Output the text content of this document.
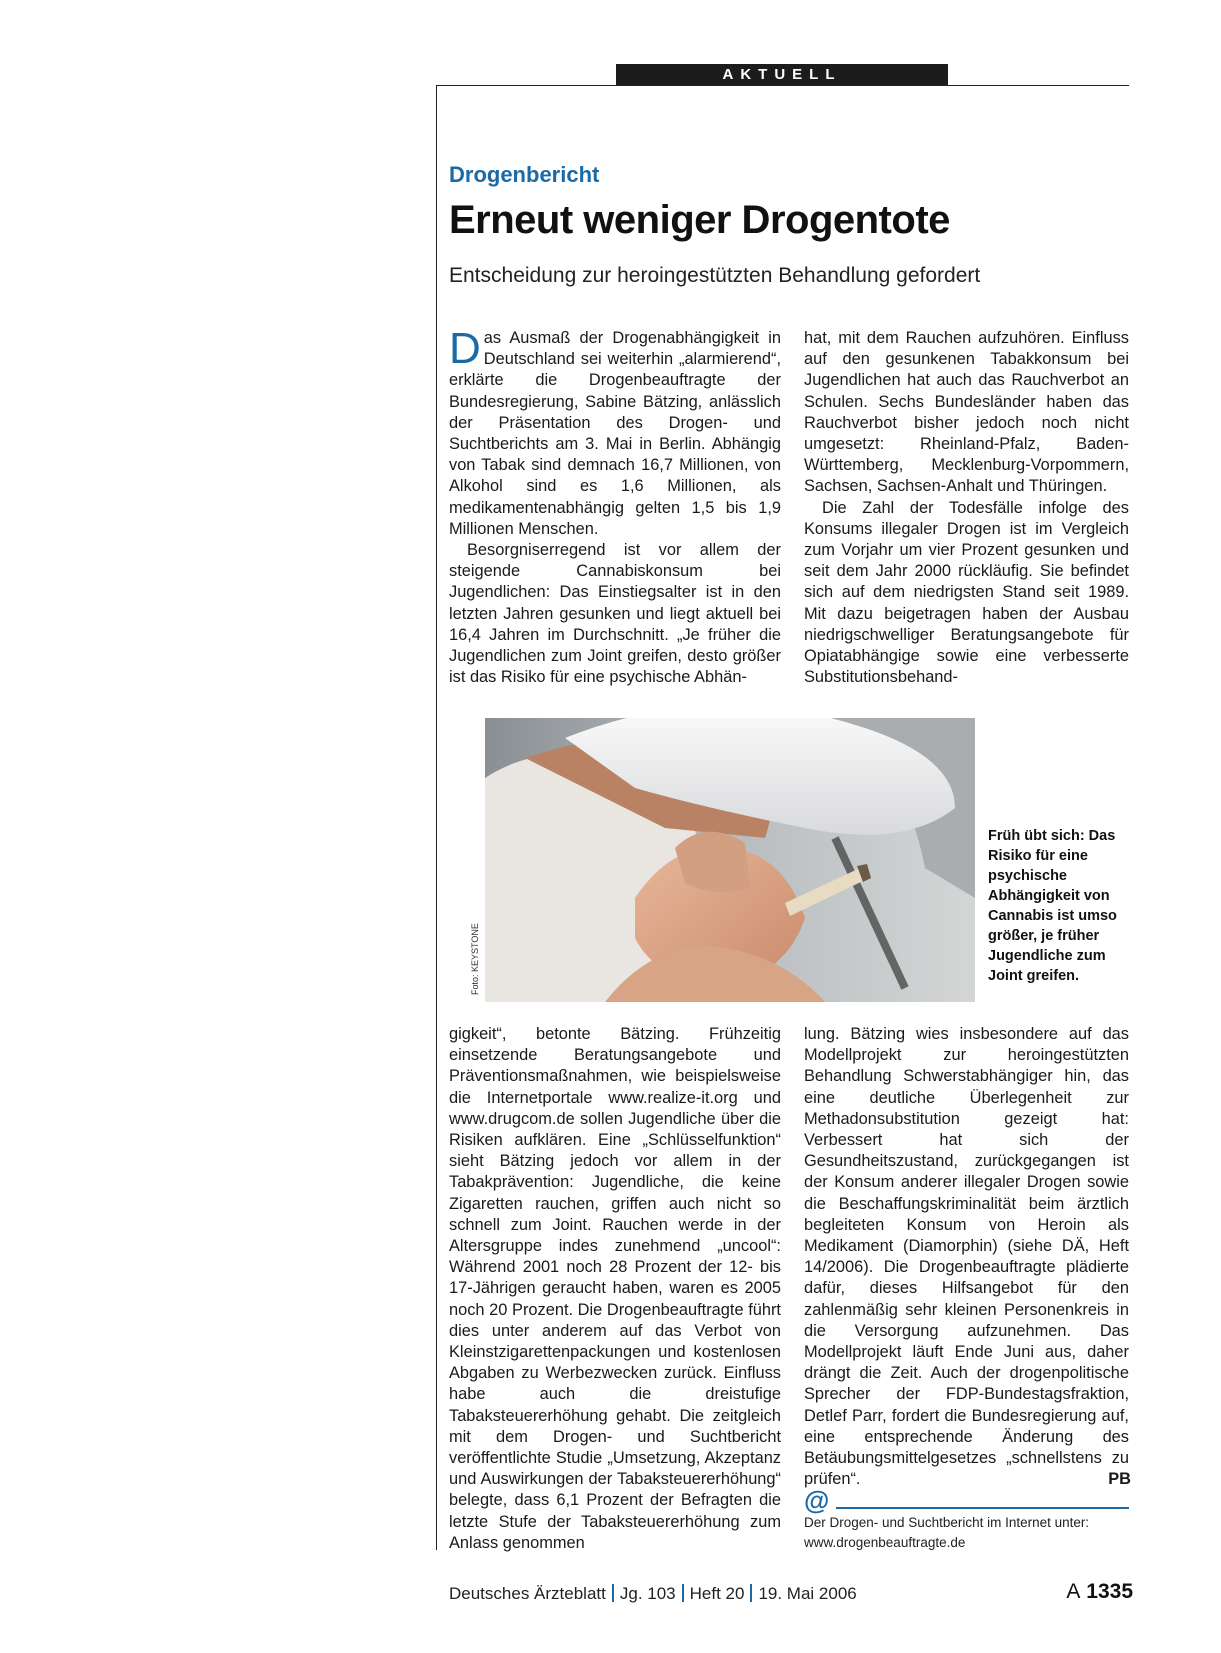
AKTUELL
Drogenbericht
Erneut weniger Drogentote
Entscheidung zur heroingestützten Behandlung gefordert

Das Ausmaß der Drogenabhängigkeit in Deutschland sei weiterhin „alarmierend“, erklärte die Drogenbeauftragte der Bundesregierung, Sabine Bätzing, anlässlich der Präsentation des Drogen- und Suchtberichts am 3. Mai in Berlin. Abhängig von Tabak sind demnach 16,7 Millionen, von Alkohol sind es 1,6 Millionen, als medikamentenabhängig gelten 1,5 bis 1,9 Millionen Menschen.

Besorgniserregend ist vor allem der steigende Cannabiskonsum bei Jugendlichen: Das Einstiegsalter ist in den letzten Jahren gesunken und liegt aktuell bei 16,4 Jahren im Durchschnitt. „Je früher die Jugendlichen zum Joint greifen, desto größer ist das Risiko für eine psychische Abhän-

hat, mit dem Rauchen aufzuhören. Einfluss auf den gesunkenen Tabakkonsum bei Jugendlichen hat auch das Rauchverbot an Schulen. Sechs Bundesländer haben das Rauchverbot bisher jedoch noch nicht umgesetzt: Rheinland-Pfalz, Baden-Württemberg, Mecklenburg-Vorpommern, Sachsen, Sachsen-Anhalt und Thüringen.

Die Zahl der Todesfälle infolge des Konsums illegaler Drogen ist im Vergleich zum Vorjahr um vier Prozent gesunken und seit dem Jahr 2000 rückläufig. Sie befindet sich auf dem niedrigsten Stand seit 1989. Mit dazu beigetragen haben der Ausbau niedrigschwelliger Beratungsangebote für Opiatabhängige sowie eine verbesserte Substitutionsbehand-

Foto: KEYSTONE
Früh übt sich: Das Risiko für eine psychische Abhängigkeit von Cannabis ist umso größer, je früher Jugendliche zum Joint greifen.

gigkeit“, betonte Bätzing. Frühzeitig einsetzende Beratungsangebote und Präventionsmaßnahmen, wie beispielsweise die Internetportale www.realize-it.org und www.drugcom.de sollen Jugendliche über die Risiken aufklären. Eine „Schlüsselfunktion“ sieht Bätzing jedoch vor allem in der Tabakprävention: Jugendliche, die keine Zigaretten rauchen, griffen auch nicht so schnell zum Joint. Rauchen werde in der Altersgruppe indes zunehmend „uncool“: Während 2001 noch 28 Prozent der 12- bis 17-Jährigen geraucht haben, waren es 2005 noch 20 Prozent. Die Drogenbeauftragte führt dies unter anderem auf das Verbot von Kleinstzigarettenpackungen und kostenlosen Abgaben zu Werbezwecken zurück. Einfluss habe auch die dreistufige Tabaksteuererhöhung gehabt. Die zeitgleich mit dem Drogen- und Suchtbericht veröffentlichte Studie „Umsetzung, Akzeptanz und Auswirkungen der Tabaksteuererhöhung“ belegte, dass 6,1 Prozent der Befragten die letzte Stufe der Tabaksteuererhöhung zum Anlass genommen

lung. Bätzing wies insbesondere auf das Modellprojekt zur heroingestützten Behandlung Schwerstabhängiger hin, das eine deutliche Überlegenheit zur Methadonsubstitution gezeigt hat: Verbessert hat sich der Gesundheitszustand, zurückgegangen ist der Konsum anderer illegaler Drogen sowie die Beschaffungskriminalität beim ärztlich begleiteten Konsum von Heroin als Medikament (Diamorphin) (siehe DÄ, Heft 14/2006). Die Drogenbeauftragte plädierte dafür, dieses Hilfsangebot für den zahlenmäßig sehr kleinen Personenkreis in die Versorgung aufzunehmen. Das Modellprojekt läuft Ende Juni aus, daher drängt die Zeit. Auch der drogenpolitische Sprecher der FDP-Bundestagsfraktion, Detlef Parr, fordert die Bundesregierung auf, eine entsprechende Änderung des Betäubungsmittelgesetzes „schnellstens zu prüfen“.	PB

@
Der Drogen- und Suchtbericht im Internet unter: www.drogenbeauftragte.de
Deutsches Ärzteblatt Jg. 103 Heft 20 19. Mai 2006	A 1335
